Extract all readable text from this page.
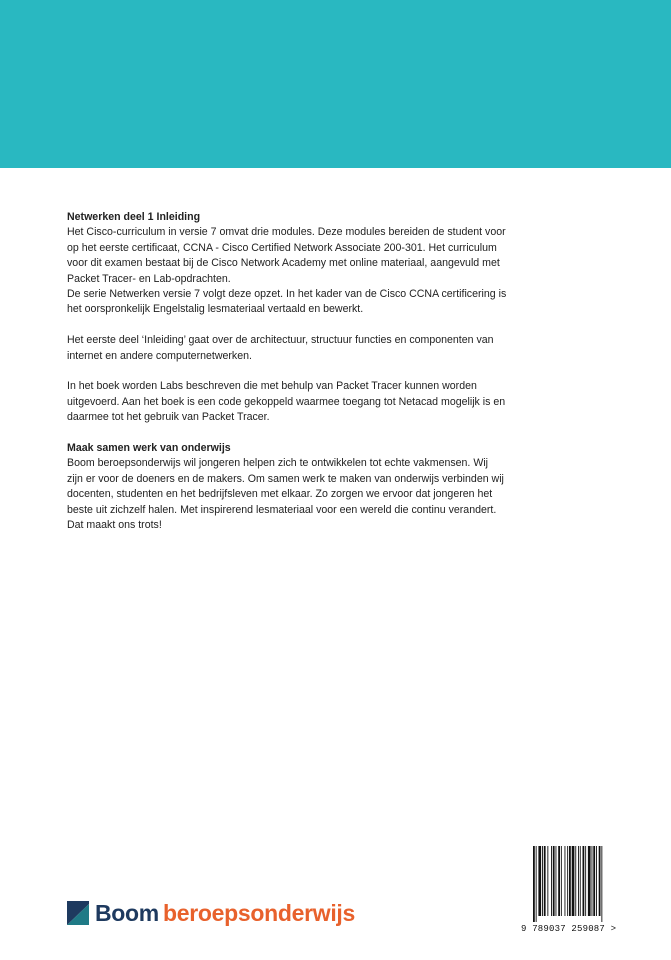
Netwerken deel 1 Inleiding

Het Cisco-curriculum in versie 7 omvat drie modules. Deze modules bereiden de student voor

op het eerste certificaat, CCNA - Cisco Certified Network Associate 200-301. Het curriculum

voor dit examen bestaat bij de Cisco Network Academy met online materiaal, aangevuld met

Packet Tracer- en Lab-opdrachten.

De serie Netwerken versie 7 volgt deze opzet. In het kader van de Cisco CCNA certificering is

het oorspronkelijk Engelstalig lesmateriaal vertaald en bewerkt.

Het eerste deel ‘Inleiding’ gaat over de architectuur, structuur functies en componenten van

internet en andere computernetwerken.

In het boek worden Labs beschreven die met behulp van Packet Tracer kunnen worden

uitgevoerd. Aan het boek is een code gekoppeld waarmee toegang tot Netacad mogelijk is en

daarmee tot het gebruik van Packet Tracer.

Maak samen werk van onderwijs

Boom beroepsonderwijs wil jongeren helpen zich te ontwikkelen tot echte vakmensen. Wij

zijn er voor de doeners en de makers. Om samen werk te maken van onderwijs verbinden wij

docenten, studenten en het bedrijfsleven met elkaar. Zo zorgen we ervoor dat jongeren het

beste uit zichzelf halen. Met inspirerend lesmateriaal voor een wereld die continu verandert.

Dat maakt ons trots!

Boom beroepsonderwijs
9 789037 259087 >
